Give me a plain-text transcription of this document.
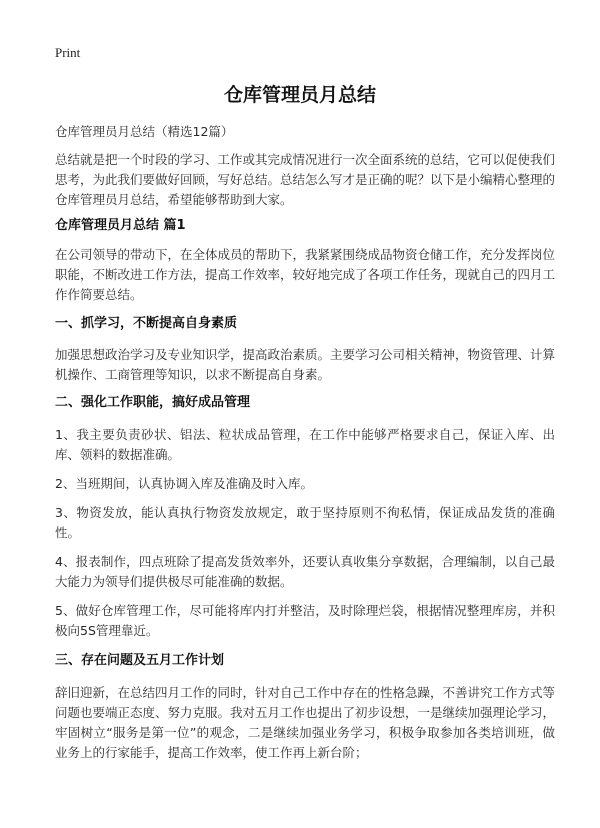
Print
仓库管理员月总结

仓库管理员月总结（精选12篇）

总结就是把一个时段的学习、工作或其完成情况进行一次全面系统的总结，它可以促使我们思考，为此我们要做好回顾，写好总结。总结怎么写才是正确的呢？以下是小编精心整理的仓库管理员月总结，希望能够帮助到大家。

仓库管理员月总结 篇1

在公司领导的带动下，在全体成员的帮助下，我紧紧围绕成品物资仓储工作，充分发挥岗位职能，不断改进工作方法，提高工作效率，较好地完成了各项工作任务，现就自己的四月工作作简要总结。

一、抓学习，不断提高自身素质

加强思想政治学习及专业知识学，提高政治素质。主要学习公司相关精神，物资管理、计算机操作、工商管理等知识，以求不断提高自身素。

二、强化工作职能，搞好成品管理

1、我主要负责砂状、铝法、粒状成品管理，在工作中能够严格要求自己，保证入库、出库、领料的数据准确。

2、当班期间，认真协调入库及准确及时入库。

3、物资发放，能认真执行物资发放规定，敢于坚持原则不徇私情，保证成品发货的准确性。

4、报表制作，四点班除了提高发货效率外，还要认真收集分享数据，合理编制，以自己最大能力为领导们提供极尽可能准确的数据。

5、做好仓库管理工作，尽可能将库内打并整洁，及时除理烂袋，根据情况整理库房，并积极向5S管理靠近。

三、存在问题及五月工作计划

辞旧迎新，在总结四月工作的同时，针对自己工作中存在的性格急躁，不善讲究工作方式等问题也要端正态度、努力克服。我对五月工作也提出了初步设想，一是继续加强理论学习，牢固树立“服务是第一位”的观念，二是继续加强业务学习，积极争取参加各类培训班，做业务上的行家能手，提高工作效率，使工作再上新台阶；
